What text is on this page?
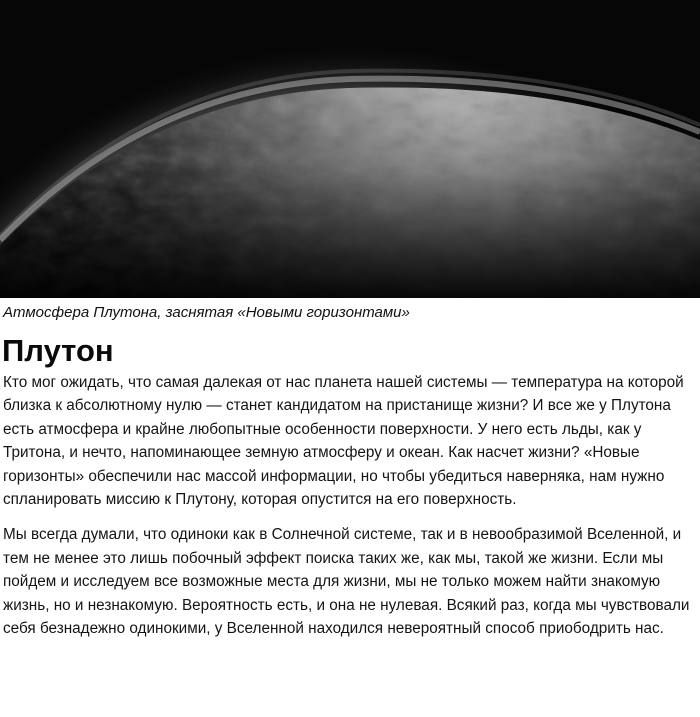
Атмосфера Плутона, заснятая «Новыми горизонтами»
Плутон

Кто мог ожидать, что самая далекая от нас планета нашей системы — температура на которой близка к абсолютному нулю — станет кандидатом на пристанище жизни? И все же у Плутона есть атмосфера и крайне любопытные особенности поверхности. У него есть льды, как у Тритона, и нечто, напоминающее земную атмосферу и океан. Как насчет жизни? «Новые горизонты» обеспечили нас массой информации, но чтобы убедиться наверняка, нам нужно спланировать миссию к Плутону, которая опустится на его поверхность.

Мы всегда думали, что одиноки как в Солнечной системе, так и в невообразимой Вселенной, и тем не менее это лишь побочный эффект поиска таких же, как мы, такой же жизни. Если мы пойдем и исследуем все возможные места для жизни, мы не только можем найти знакомую жизнь, но и незнакомую. Вероятность есть, и она не нулевая. Всякий раз, когда мы чувствовали себя безнадежно одинокими, у Вселенной находился невероятный способ приободрить нас.
